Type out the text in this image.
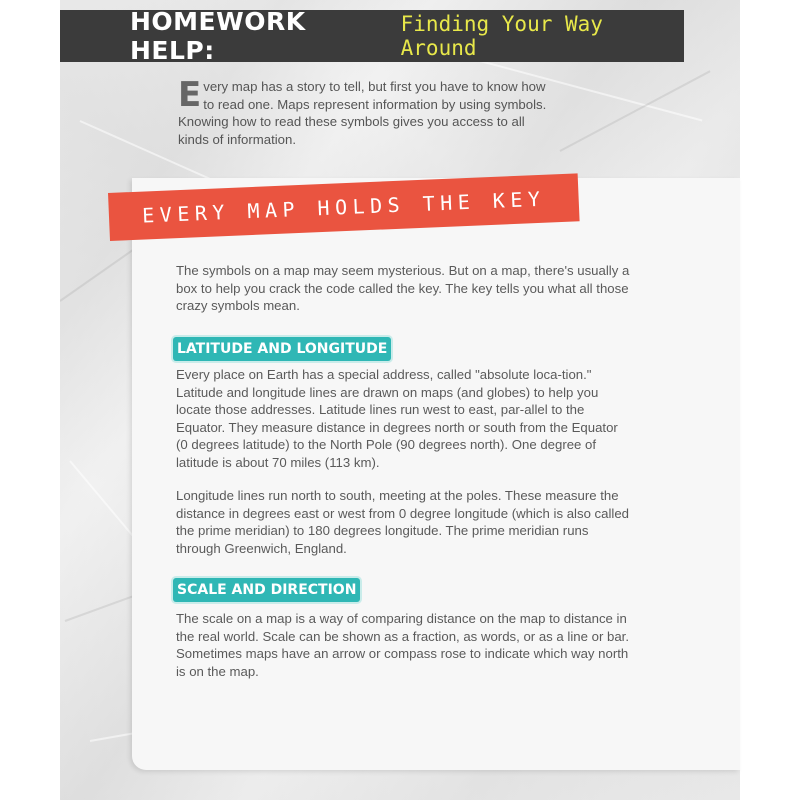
HOMEWORK HELP:
Finding Your Way Around
Every map has a story to tell, but first you have to know how to read one. Maps represent information by using symbols. Knowing how to read these symbols gives you access to all kinds of information.
EVERY MAP HOLDS THE KEY
The symbols on a map may seem mysterious. But on a map, there's usually a box to help you crack the code called the key. The key tells you what all those crazy symbols mean.
LATITUDE AND LONGITUDE
Every place on Earth has a special address, called "absolute loca-tion." Latitude and longitude lines are drawn on maps (and globes) to help you locate those addresses. Latitude lines run west to east, par-allel to the Equator. They measure distance in degrees north or south from the Equator (0 degrees latitude) to the North Pole (90 degrees north). One degree of latitude is about 70 miles (113 km).
Longitude lines run north to south, meeting at the poles. These measure the distance in degrees east or west from 0 degree longitude (which is also called the prime meridian) to 180 degrees longitude. The prime meridian runs through Greenwich, England.
SCALE AND DIRECTION
The scale on a map is a way of comparing distance on the map to distance in the real world. Scale can be shown as a fraction, as words, or as a line or bar. Sometimes maps have an arrow or compass rose to indicate which way north is on the map.
